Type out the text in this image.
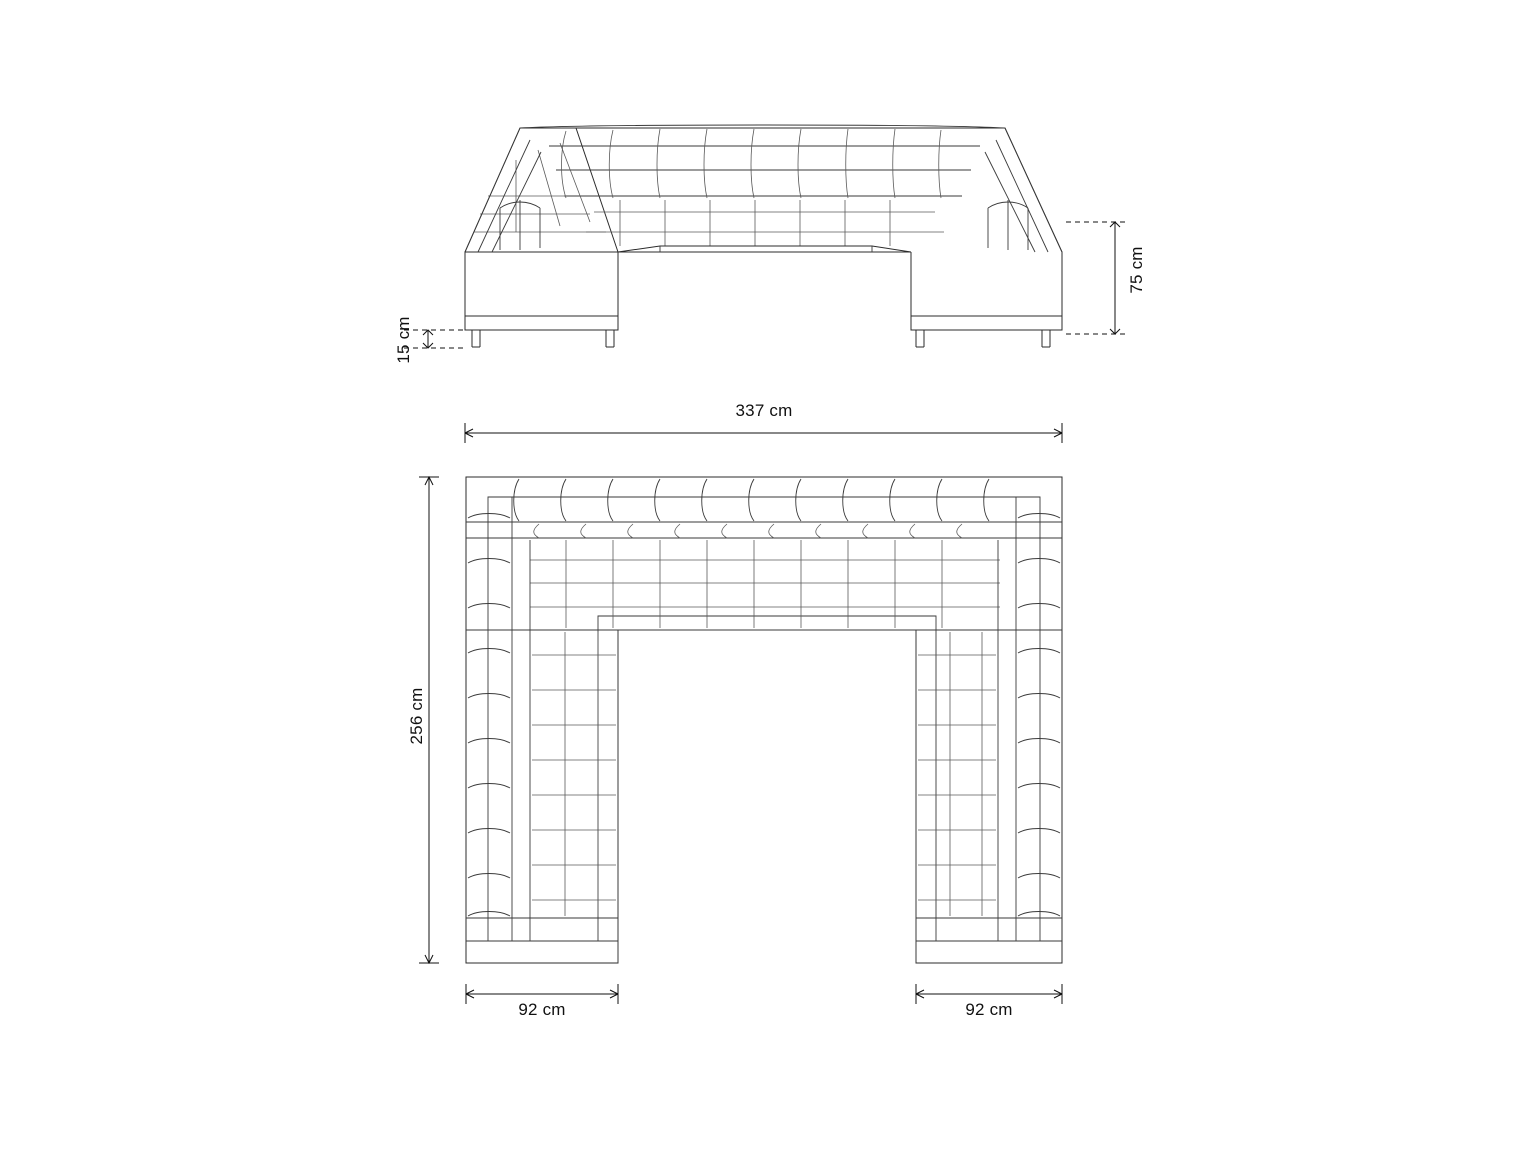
75 cm
15 cm
337 cm
256 cm
92 cm	92 cm
